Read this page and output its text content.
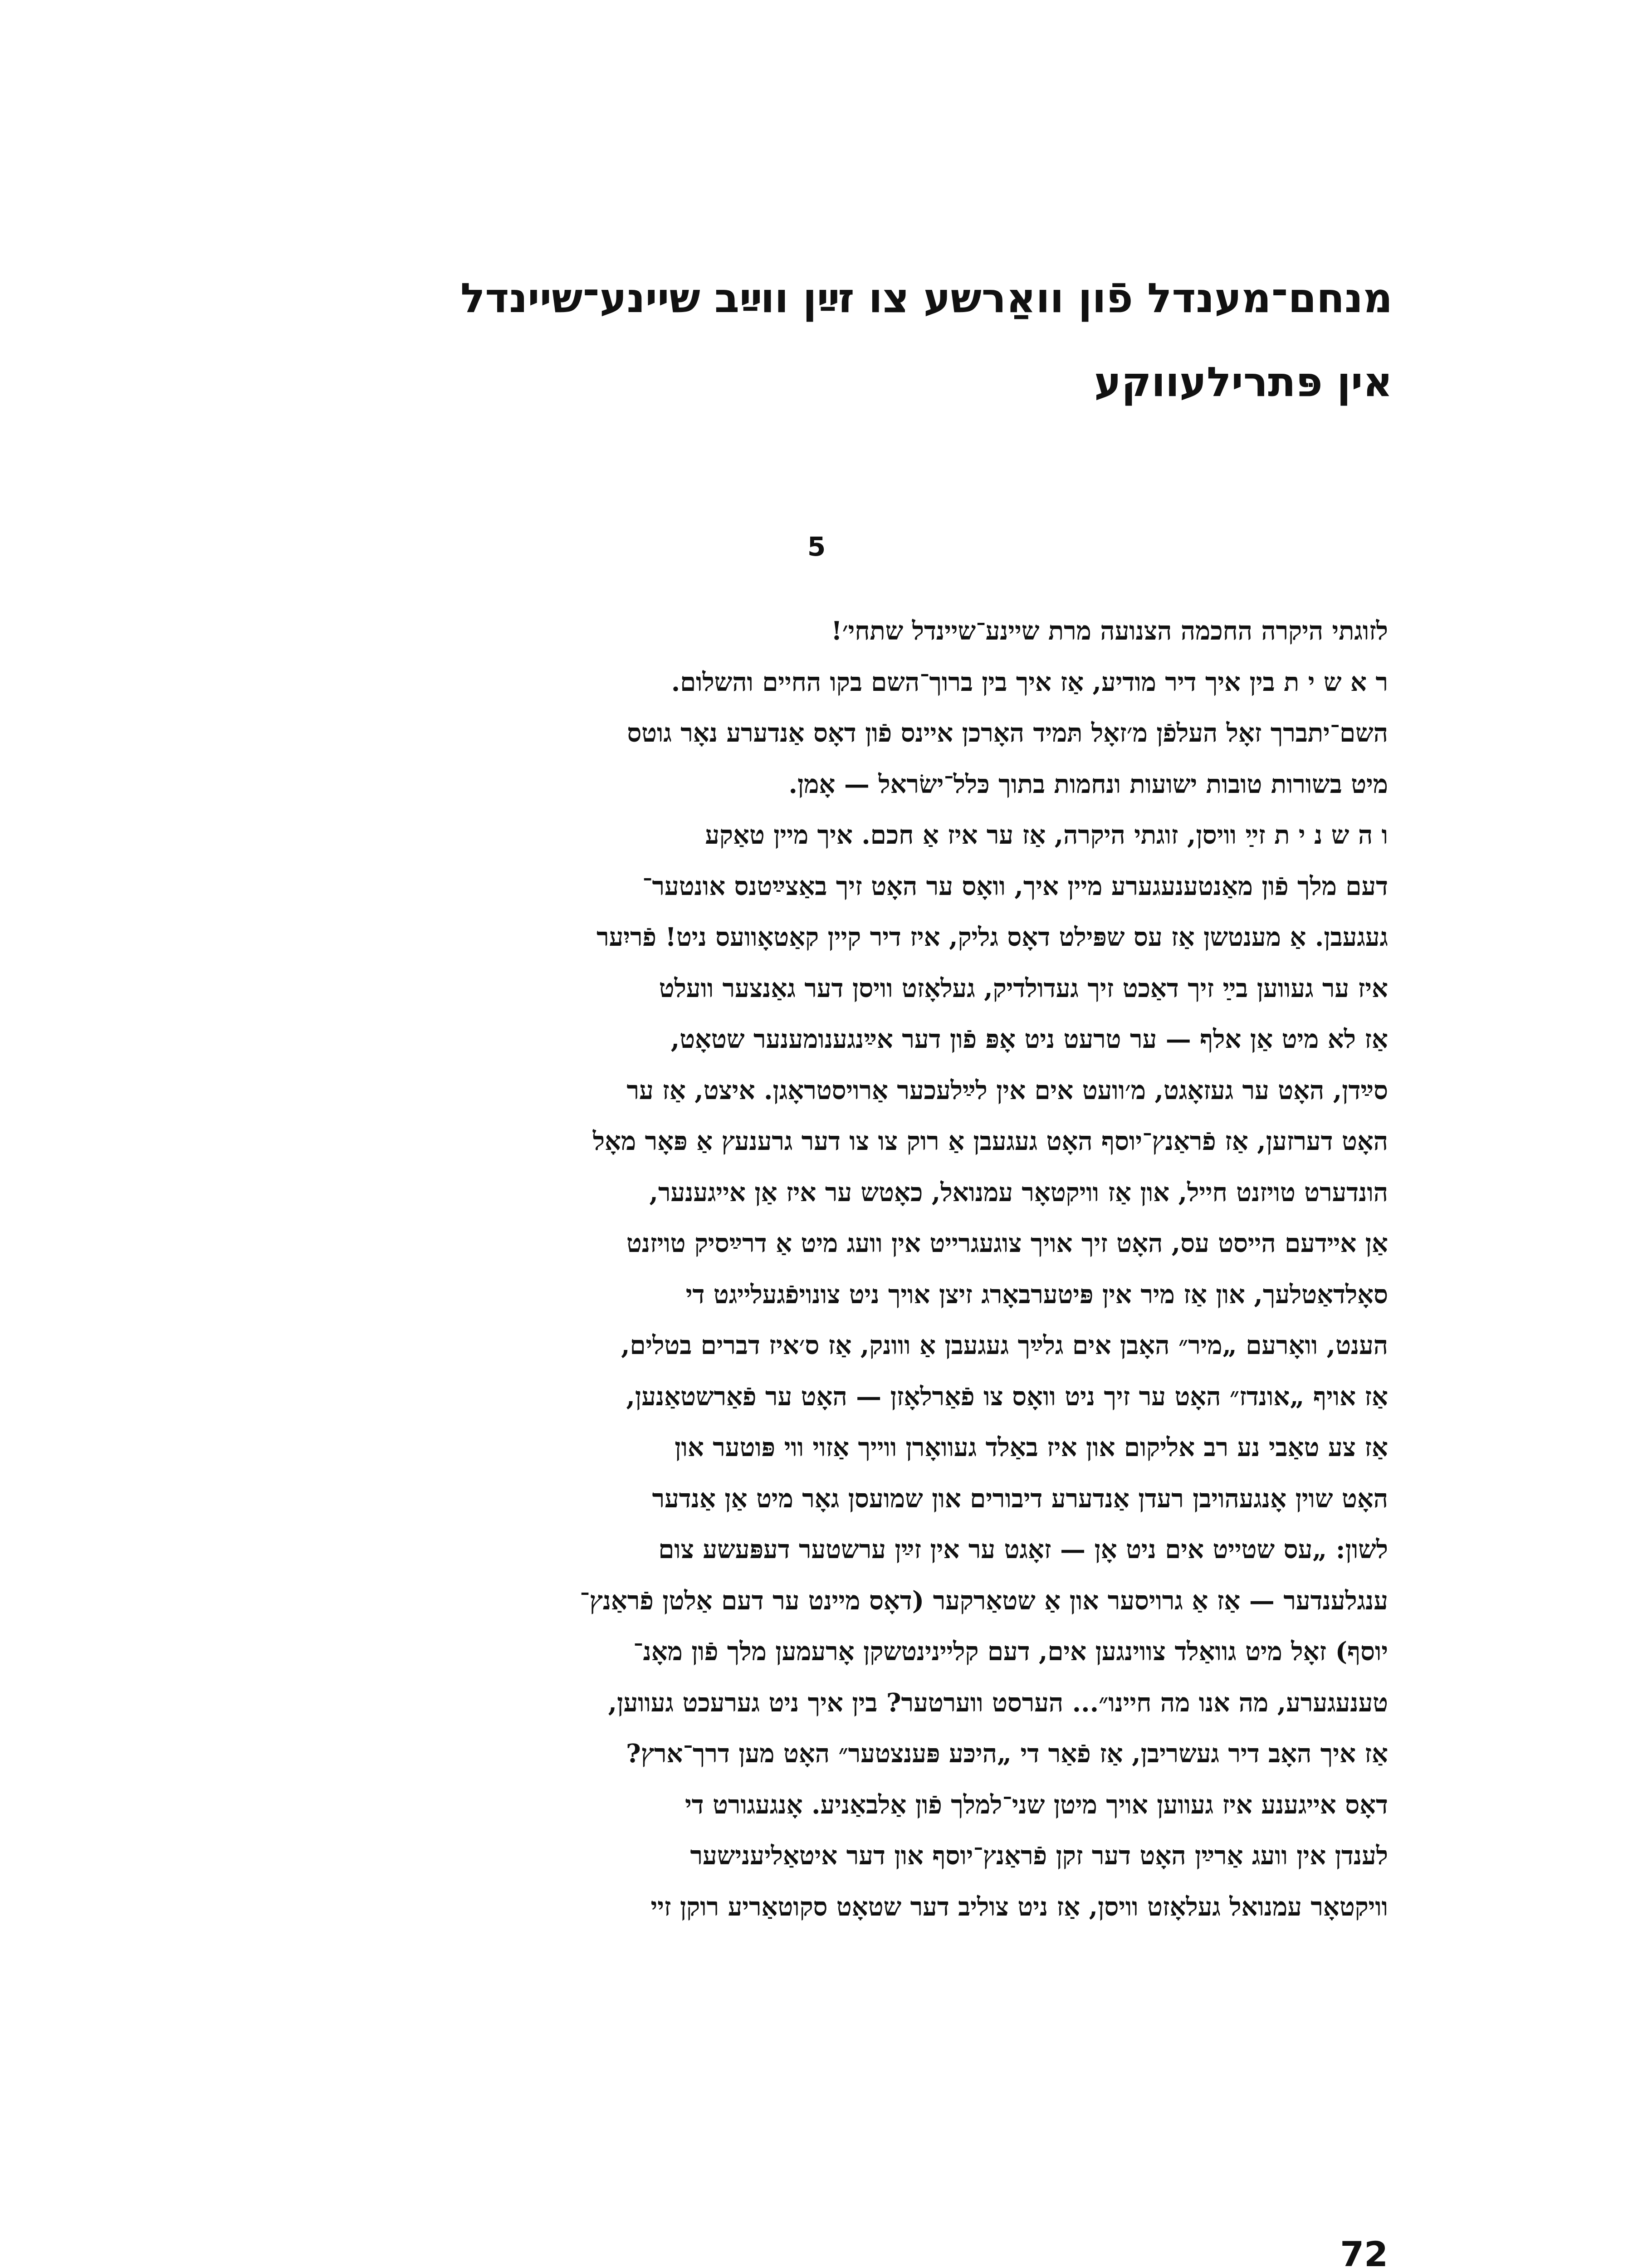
מנחם־מענדל פֿון וואַרשע צו זײַן ווײַב שיינע־שיינדל
אין פּתרילעווקע
5
לזוגתי היקרה החכמה הצנועה מרת שיינע־שיינדל שתחי׳!
ר א ש י ת בין איך דיר מודיע, אַז איך בין ברוך־השם בקו החיים והשלום.
השם־יתברך זאָל העלפֿן מ׳זאָל תּמיד האָרכן איינס פֿון דאָס אַנדערע נאָר גוטס
מיט בשורות טובות ישועות ונחמות בתוך כּלל־ישׂראל — אָמן.
ו ה ש נ י ת זײַ וויסן, זוגתי היקרה, אַז ער איז אַ חכם. איך מיין טאַקע
דעם מלך פֿון מאַנטענעגערע מיין איך, וואָס ער האָט זיך באַצײַטנס אונטער־
געגעבן. אַ מענטשן אַז עס שפּילט דאָס גליק, איז דיר קיין קאַטאָוועס ניט! פֿריִער
איז ער געווען בײַ זיך דאַכט זיך געדולדיק, געלאָזט וויסן דער גאַנצער וועלט
אַז לא מיט אַן אלף — ער טרעט ניט אָפּ פֿון דער אײַנגענומענער שטאָט,
סײַדן, האָט ער געזאָגט, מ׳וועט אים אין לײַלעכער אַרויסטראָגן. איצט, אַז ער
האָט דערזען, אַז פֿראַנץ־יוסף האָט געגעבן אַ רוק צו צו דער גרענעץ אַ פּאָר מאָל
הונדערט טויזנט חייל, און אַז וויקטאָר עמנואל, כאָטש ער איז אַן אייגענער,
אַן אײדעם הייסט עס, האָט זיך אויך צוגעגרייט אין וועג מיט אַ דרײַסיק טויזנט
סאָלדאַטלעך, און אַז מיר אין פּיטערבאָרג זיצן אויך ניט צונויפֿגעלייגט די
הענט, וואָרעם „מיר״ האָבן אים גלײַך געגעבן אַ ווונק, אַז ס׳איז דברים בטלים,
אַז אויף „אונדז״ האָט ער זיך ניט וואָס צו פֿאַרלאָזן — האָט ער פֿאַרשטאַנען,
אַז צע טאַבי נע רב אליקום און איז באַלד געוואָרן ווייך אַזוי ווי פּוטער און
האָט שוין אָנגעהויבן רעדן אַנדערע דיבורים און שמועסן גאָר מיט אַן אַנדער
לשון: „עס שטייט אים ניט אָן — זאָגט ער אין זײַן ערשטער דעפּעשע צום
ענגלענדער — אַז אַ גרויסער און אַ שטאַרקער (דאָס מיינט ער דעם אַלטן פֿראַנץ־
יוסף) זאָל מיט גוואַלד צווינגען אים, דעם קליינינטשקן אָרעמען מלך פֿון מאָנ־
טענעגערע, מה אנו מה חיינו״... הערסט ווערטער? בין איך ניט גערעכט געווען,
אַז איך האָב דיר געשריבן, אַז פֿאַר די „היכּע פּענצטער״ האָט מען דרך־ארץ?
דאָס אייגענע איז געווען אויך מיטן שני־למלך פֿון אַלבאַניע. אָנגעגורט די
לענדן אין וועג אַרײַן האָט דער זקן פֿראַנץ־יוסף און דער איטאַליענישער
וויקטאָר עמנואל געלאָזט וויסן, אַז ניט צוליב דער שטאָט סקוטאַריע רוקן זיי
72
